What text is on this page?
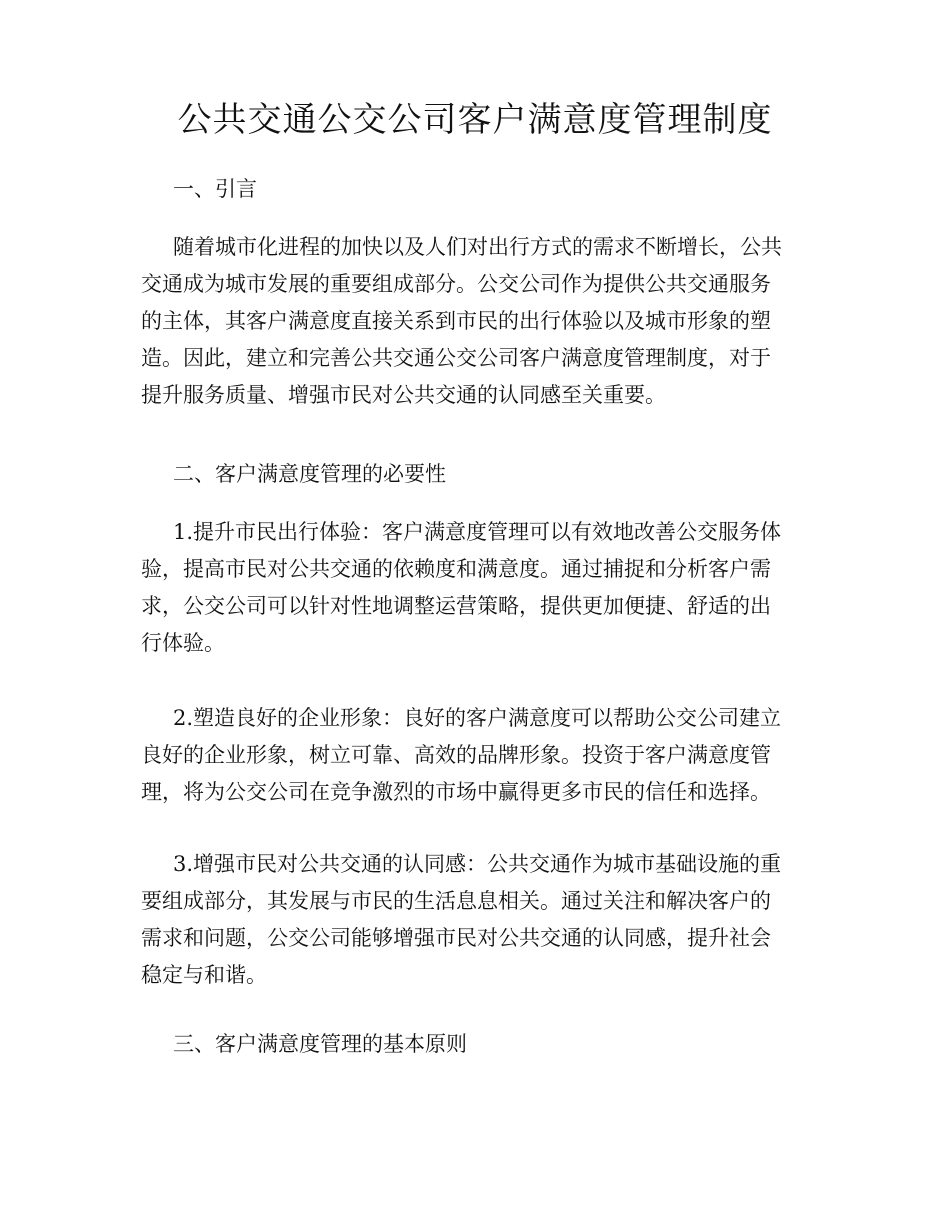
公共交通公交公司客户满意度管理制度
一、引言
随着城市化进程的加快以及人们对出行方式的需求不断增长，公共
交通成为城市发展的重要组成部分。公交公司作为提供公共交通服务
的主体，其客户满意度直接关系到市民的出行体验以及城市形象的塑
造。因此，建立和完善公共交通公交公司客户满意度管理制度，对于
提升服务质量、增强市民对公共交通的认同感至关重要。
二、客户满意度管理的必要性
1.提升市民出行体验：客户满意度管理可以有效地改善公交服务体
验，提高市民对公共交通的依赖度和满意度。通过捕捉和分析客户需
求，公交公司可以针对性地调整运营策略，提供更加便捷、舒适的出
行体验。
2.塑造良好的企业形象：良好的客户满意度可以帮助公交公司建立
良好的企业形象，树立可靠、高效的品牌形象。投资于客户满意度管
理，将为公交公司在竞争激烈的市场中赢得更多市民的信任和选择。
3.增强市民对公共交通的认同感：公共交通作为城市基础设施的重
要组成部分，其发展与市民的生活息息相关。通过关注和解决客户的
需求和问题，公交公司能够增强市民对公共交通的认同感，提升社会
稳定与和谐。
三、客户满意度管理的基本原则
